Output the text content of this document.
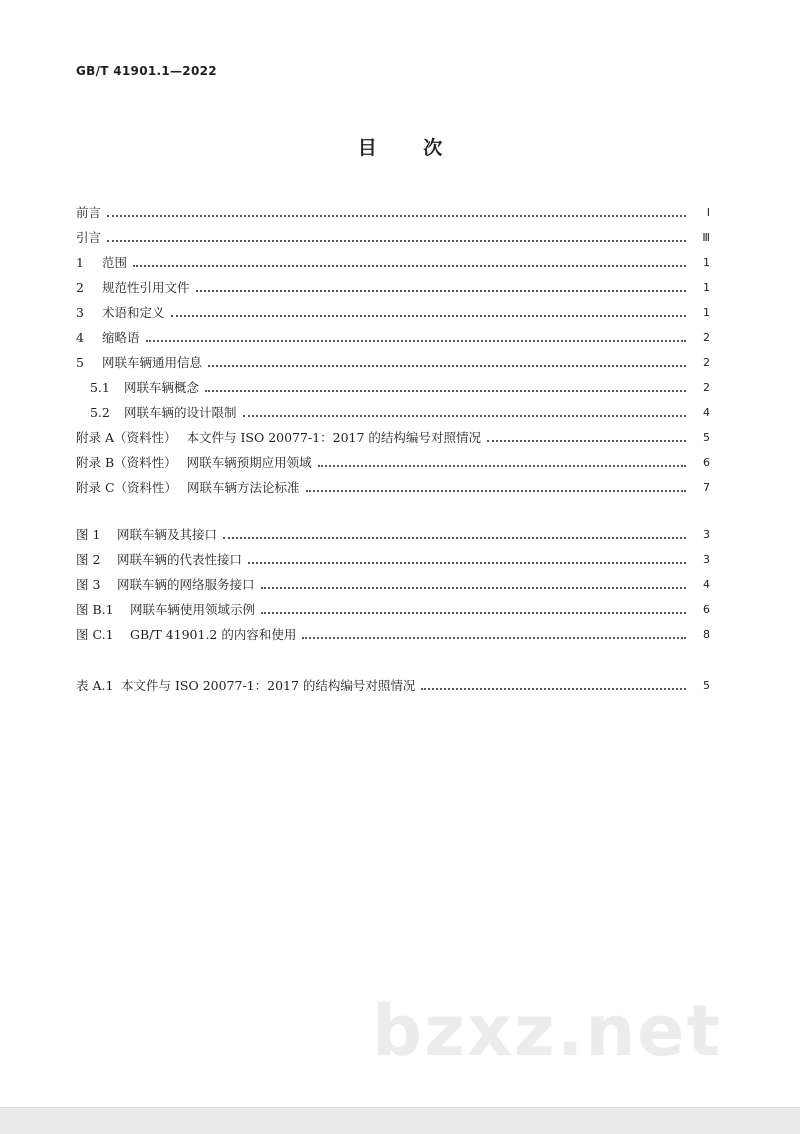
GB/T 41901.1—2022
目 次
前言	Ⅰ
引言	Ⅲ
1	范围	1
2	规范性引用文件	1
3	术语和定义	1
4	缩略语	2
5	网联车辆通用信息	2
5.1	网联车辆概念	2
5.2	网联车辆的设计限制	4
附录 A（资料性） 本文件与 ISO 20077-1：2017 的结构编号对照情况	5
附录 B（资料性） 网联车辆预期应用领域	6
附录 C（资料性） 网联车辆方法论标准	7
图 1	网联车辆及其接口	3
图 2	网联车辆的代表性接口	3
图 3	网联车辆的网络服务接口	4
图 B.1	网联车辆使用领域示例	6
图 C.1	GB/T 41901.2 的内容和使用	8
表 A.1 本文件与 ISO 20077-1：2017 的结构编号对照情况	5
bzxz.net
